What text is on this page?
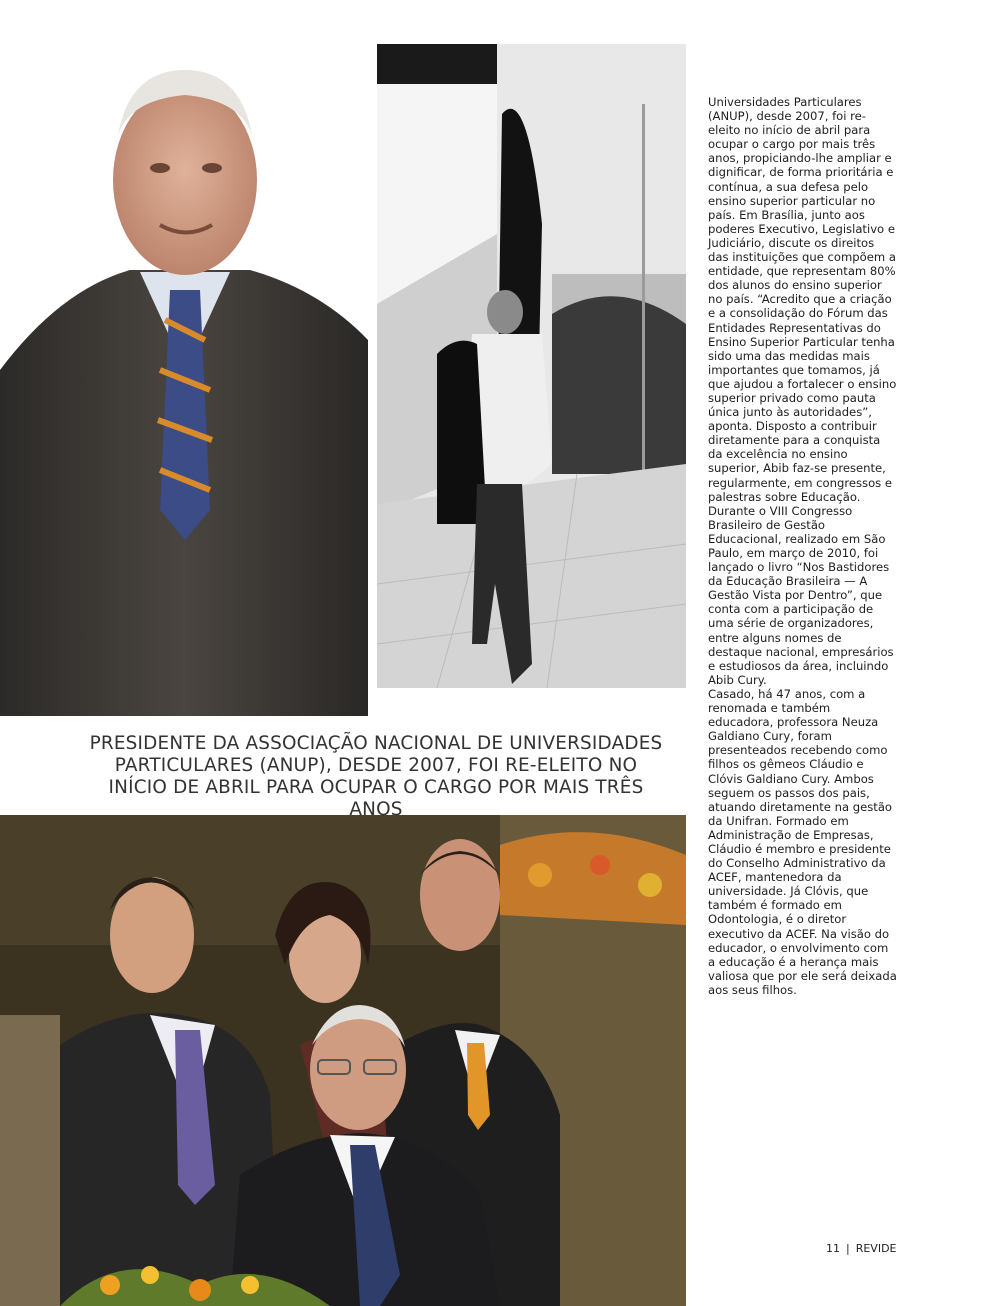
PRESIDENTE DA ASSOCIAÇÃO NACIONAL DE UNIVERSIDADES PARTICULARES (ANUP), DESDE 2007, FOI RE-ELEITO NO INÍCIO DE ABRIL PARA OCUPAR O CARGO POR MAIS TRÊS ANOS

Universidades Particulares (ANUP), desde 2007, foi re-eleito no início de abril para ocupar o cargo por mais três anos, propiciando-lhe ampliar e dignificar, de forma prioritária e contínua, a sua defesa pelo ensino superior particular no país. Em Brasília, junto aos poderes Executivo, Legislativo e Judiciário, discute os direitos das instituições que compõem a entidade, que representam 80% dos alunos do ensino superior no país. “Acredito que a criação e a consolidação do Fórum das Entidades Representativas do Ensino Superior Particular tenha sido uma das medidas mais importantes que tomamos, já que ajudou a fortalecer o ensino superior privado como pauta única junto às autoridades”, aponta. Disposto a contribuir diretamente para a conquista da excelência no ensino superior, Abib faz-se presente, regularmente, em congressos e palestras sobre Educação. Durante o VIII Congresso Brasileiro de Gestão Educacional, realizado em São Paulo, em março de 2010, foi lançado o livro “Nos Bastidores da Educação Brasileira — A Gestão Vista por Dentro”, que conta com a participação de uma série de organizadores, entre alguns nomes de destaque nacional, empresários e estudiosos da área, incluindo Abib Cury.

Casado, há 47 anos, com a renomada e também educadora, professora Neuza Galdiano Cury, foram presenteados recebendo como filhos os gêmeos Cláudio e Clóvis Galdiano Cury. Ambos seguem os passos dos pais, atuando diretamente na gestão da Unifran. Formado em Administração de Empresas, Cláudio é membro e presidente do Conselho Administrativo da ACEF, mantenedora da universidade. Já Clóvis, que também é formado em Odontologia, é o diretor executivo da ACEF. Na visão do educador, o envolvimento com a educação é a herança mais valiosa que por ele será deixada aos seus filhos.

11 | REVIDE
